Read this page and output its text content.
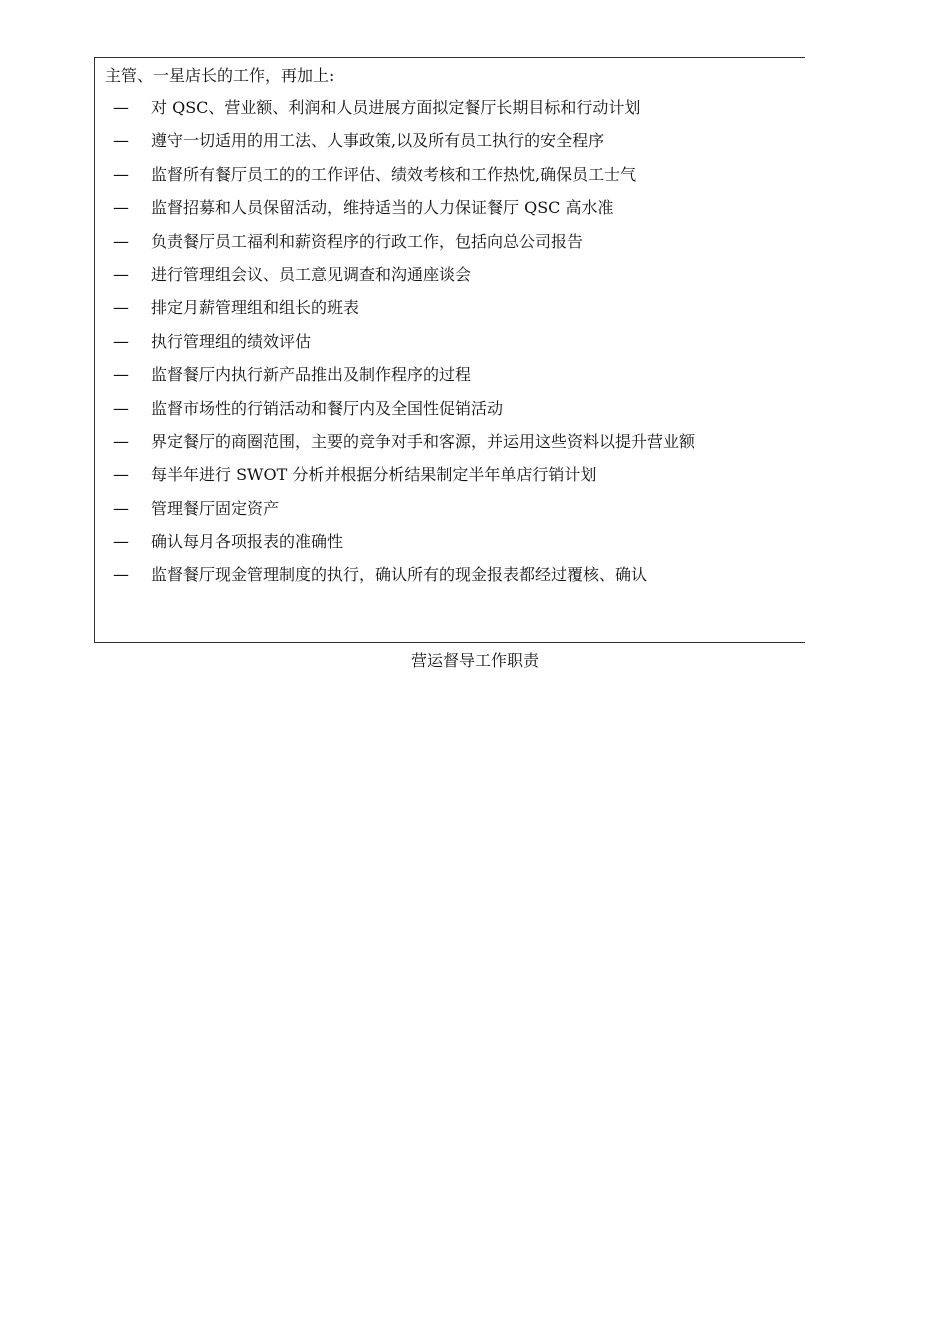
主管、一星店长的工作，再加上:
— 对 QSC、营业额、利润和人员进展方面拟定餐厅长期目标和行动计划
— 遵守一切适用的用工法、人事政策,以及所有员工执行的安全程序
— 监督所有餐厅员工的的工作评估、绩效考核和工作热忱,确保员工士气
— 监督招募和人员保留活动，维持适当的人力保证餐厅 QSC 高水准
— 负责餐厅员工福利和薪资程序的行政工作，包括向总公司报告
— 进行管理组会议、员工意见调查和沟通座谈会
— 排定月薪管理组和组长的班表
— 执行管理组的绩效评估
— 监督餐厅内执行新产品推出及制作程序的过程
— 监督市场性的行销活动和餐厅内及全国性促销活动
— 界定餐厅的商圈范围，主要的竞争对手和客源，并运用这些资料以提升营业额
— 每半年进行 SWOT 分析并根据分析结果制定半年单店行销计划
— 管理餐厅固定资产
— 确认每月各项报表的准确性
— 监督餐厅现金管理制度的执行，确认所有的现金报表都经过覆核、确认
营运督导工作职责
